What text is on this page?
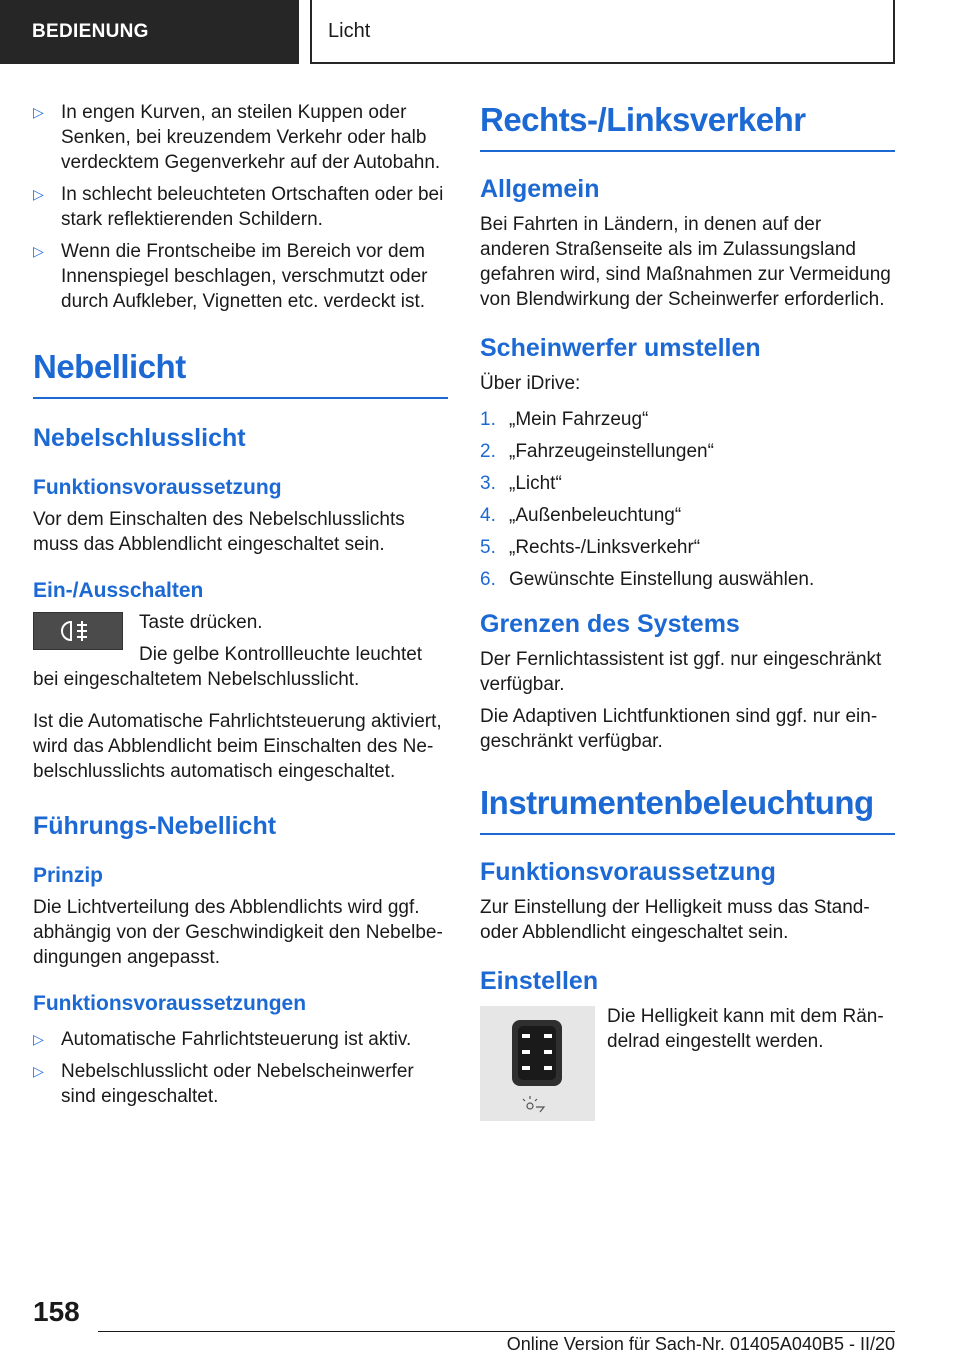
BEDIENUNG	Licht
▷ In engen Kurven, an steilen Kuppen oder Senken, bei kreuzendem Verkehr oder halb verdecktem Gegenverkehr auf der Autobahn.
▷ In schlecht beleuchteten Ortschaften oder bei stark reflektierenden Schildern.
▷ Wenn die Frontscheibe im Bereich vor dem Innenspiegel beschlagen, verschmutzt oder durch Aufkleber, Vignetten etc. verdeckt ist.
Nebellicht
Nebelschlusslicht
Funktionsvoraussetzung

Vor dem Einschalten des Nebelschlusslichts muss das Abblendlicht eingeschaltet sein.

Ein-/Ausschalten

Taste drücken.

Die gelbe Kontrollleuchte leuchtet bei eingeschaltetem Nebelschlusslicht.

Ist die Automatische Fahrlichtsteuerung aktiviert, wird das Abblendlicht beim Einschalten des Nebelschlusslichts automatisch eingeschaltet.

Führungs-Nebellicht
Prinzip

Die Lichtverteilung des Abblendlichts wird ggf. abhängig von der Geschwindigkeit den Nebelbedingungen angepasst.

Funktionsvoraussetzungen
▷ Automatische Fahrlichtsteuerung ist aktiv.
▷ Nebelschlusslicht oder Nebelscheinwerfer sind eingeschaltet.
Rechts-/Linksverkehr
Allgemein

Bei Fahrten in Ländern, in denen auf der anderen Straßenseite als im Zulassungsland gefahren wird, sind Maßnahmen zur Vermeidung von Blendwirkung der Scheinwerfer erforderlich.

Scheinwerfer umstellen

Über iDrive:

1. „Mein Fahrzeug“
2. „Fahrzeugeinstellungen“
3. „Licht“
4. „Außenbeleuchtung“
5. „Rechts-/Linksverkehr“
6. Gewünschte Einstellung auswählen.
Grenzen des Systems

Der Fernlichtassistent ist ggf. nur eingeschränkt verfügbar.

Die Adaptiven Lichtfunktionen sind ggf. nur eingeschränkt verfügbar.

Instrumentenbeleuchtung
Funktionsvoraussetzung

Zur Einstellung der Helligkeit muss das Stand- oder Abblendlicht eingeschaltet sein.

Einstellen

Die Helligkeit kann mit dem Rändelrad eingestellt werden.

158
Online Version für Sach-Nr. 01405A040B5 - II/20
